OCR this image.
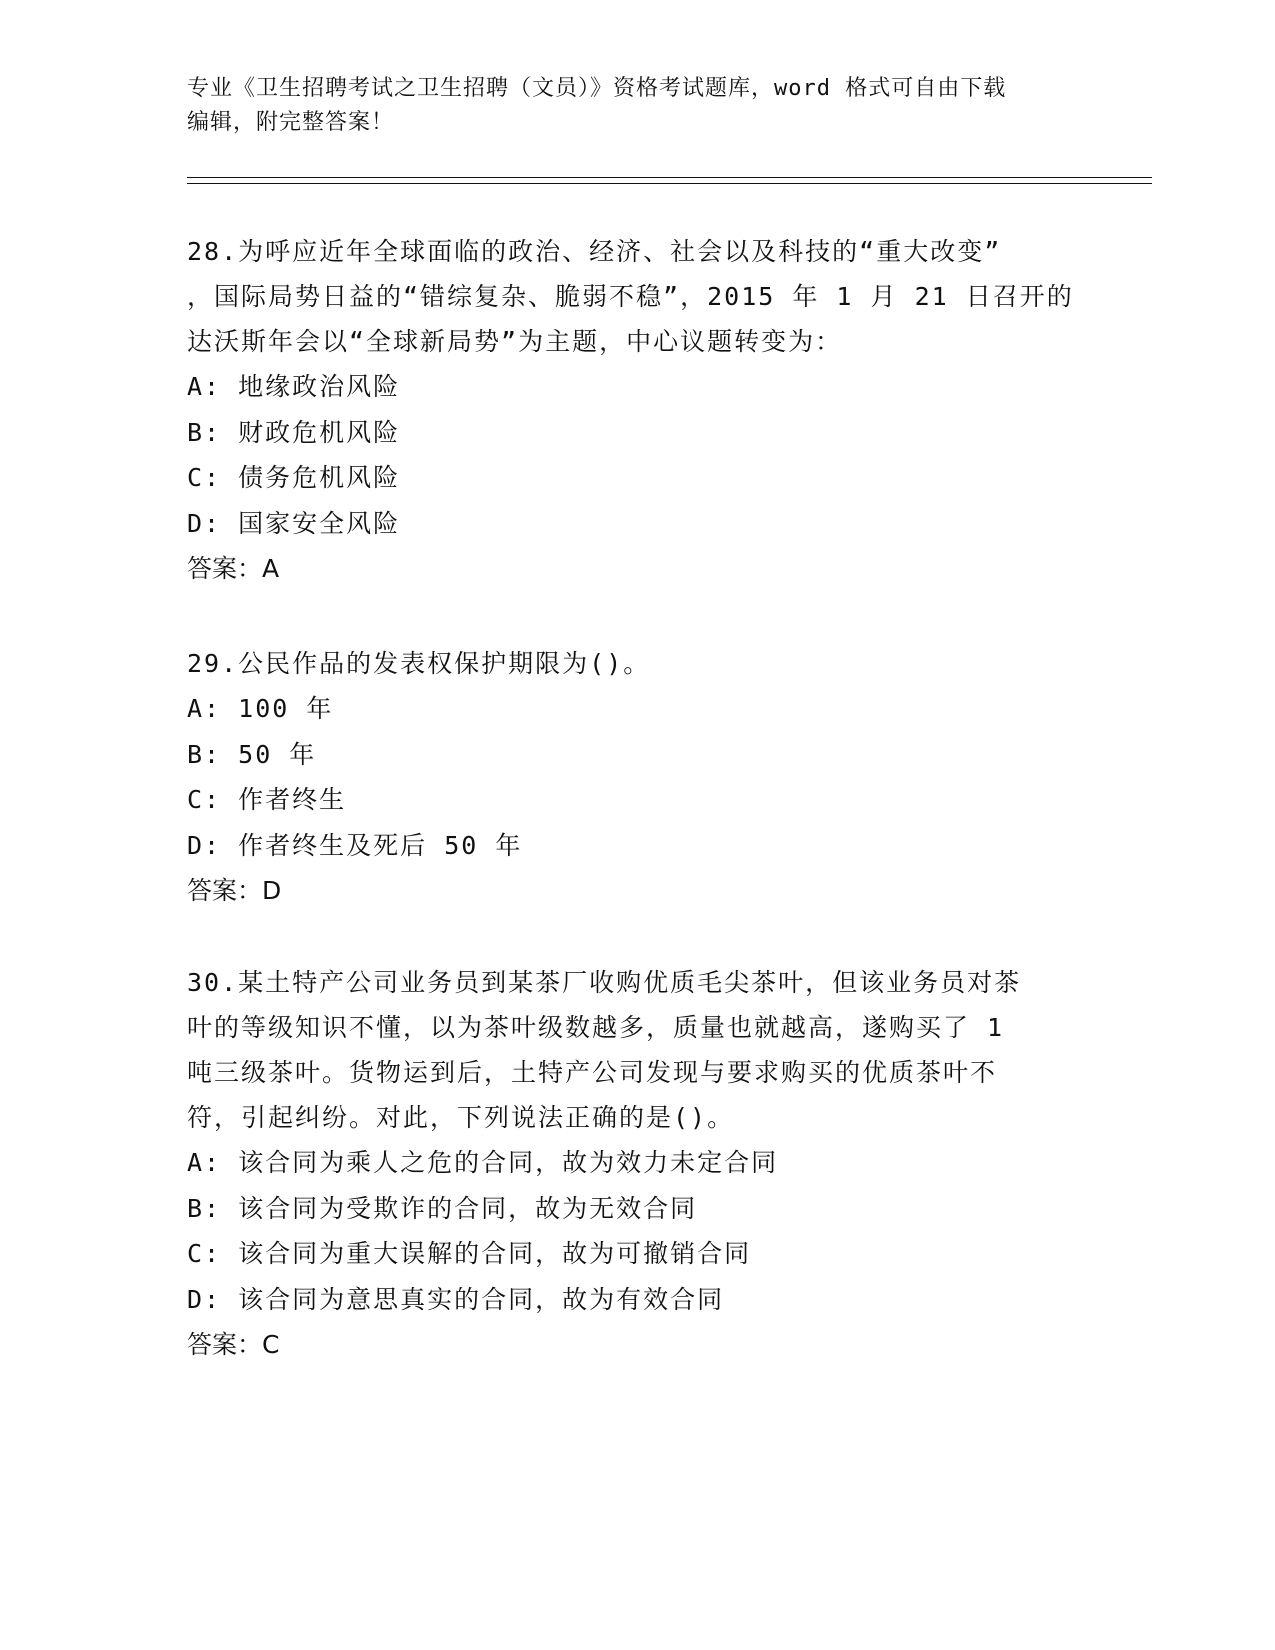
专业《卫生招聘考试之卫生招聘（文员）》资格考试题库，word 格式可自由下载
编辑，附完整答案！
28.为呼应近年全球面临的政治、经济、社会以及科技的“重大改变”
，国际局势日益的“错综复杂、脆弱不稳”，2015 年 1 月 21 日召开的
达沃斯年会以“全球新局势”为主题，中心议题转变为：
A: 地缘政治风险
B: 财政危机风险
C: 债务危机风险
D: 国家安全风险
答案：A
29.公民作品的发表权保护期限为()。
A: 100 年
B: 50 年
C: 作者终生
D: 作者终生及死后 50 年
答案：D
30.某土特产公司业务员到某茶厂收购优质毛尖茶叶，但该业务员对茶
叶的等级知识不懂，以为茶叶级数越多，质量也就越高，遂购买了 1
吨三级茶叶。货物运到后，土特产公司发现与要求购买的优质茶叶不
符，引起纠纷。对此，下列说法正确的是()。
A: 该合同为乘人之危的合同，故为效力未定合同
B: 该合同为受欺诈的合同，故为无效合同
C: 该合同为重大误解的合同，故为可撤销合同
D: 该合同为意思真实的合同，故为有效合同
答案：C
